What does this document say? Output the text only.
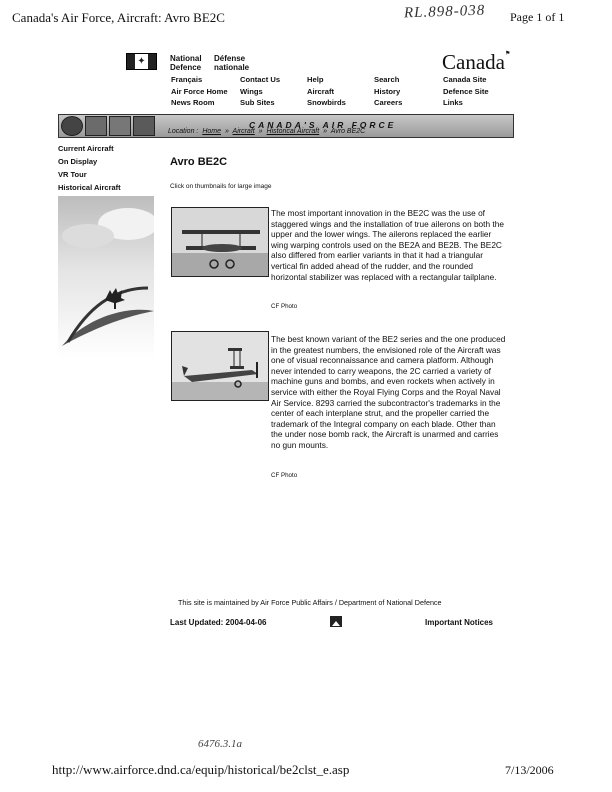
Canada's Air Force, Aircraft: Avro BE2C	RL.898-038 Page 1 of 1
✦	National
Defence
Défense
nationale	Canada⚑
Français
Air Force Home
News Room
Contact Us
Wings
Sub Sites
Help
Aircraft
Snowbirds
Search
History
Careers
Canada Site
Defence Site
Links
CANADA'S AIR FORCE
Location : Home » Aircraft » Historical Aircraft » Avro BE2C
Current Aircraft
On Display
VR Tour
Historical Aircraft
Avro BE2C
Click on thumbnails for large image
The most important innovation in the BE2C was the use of staggered wings and the installation of true ailerons on both the upper and the lower wings. The ailerons replaced the earlier wing warping controls used on the BE2A and BE2B. The BE2C also differed from earlier variants in that it had a triangular vertical fin added ahead of the rudder, and the rounded horizontal stabilizer was replaced with a rectangular tailplane.
CF Photo
The best known variant of the BE2 series and the one produced in the greatest numbers, the envisioned role of the Aircraft was one of visual reconnaissance and camera platform. Although never intended to carry weapons, the 2C carried a variety of machine guns and bombs, and even rockets when actively in service with either the Royal Flying Corps and the Royal Naval Air Service. 8293 carried the subcontractor's trademarks in the center of each interplane strut, and the propeller carried the trademark of the Integral company on each blade. Other than the under nose bomb rack, the Aircraft is unarmed and carries no gun mounts.
CF Photo
This site is maintained by Air Force Public Affairs / Department of National Defence
Last Updated: 2004-04-06	Important Notices
6476.3.1a
http://www.airforce.dnd.ca/equip/historical/be2clst_e.asp	7/13/2006
